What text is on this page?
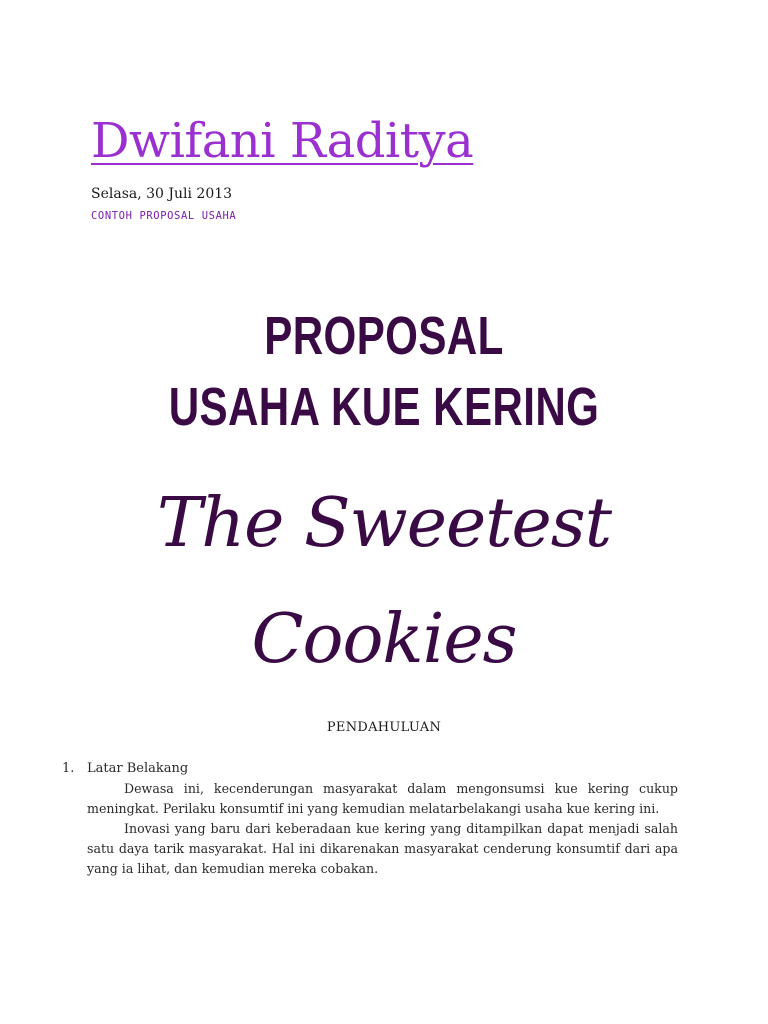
Dwifani Raditya
Selasa, 30 Juli 2013
CONTOH PROPOSAL USAHA
PROPOSAL
USAHA KUE KERING
The Sweetest
Cookies
PENDAHULUAN
1. Latar Belakang

Dewasa ini, kecenderungan masyarakat dalam mengonsumsi kue kering cukup meningkat. Perilaku konsumtif ini yang kemudian melatarbelakangi usaha kue kering ini.

Inovasi yang baru dari keberadaan kue kering yang ditampilkan dapat menjadi salah satu daya tarik masyarakat. Hal ini dikarenakan masyarakat cenderung konsumtif dari apa yang ia lihat, dan kemudian mereka cobakan.
